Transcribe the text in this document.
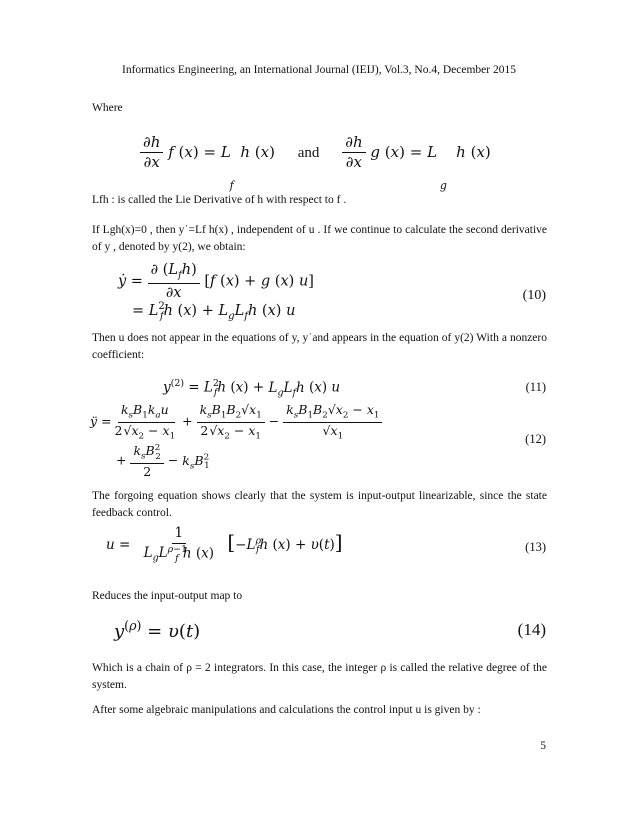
Informatics Engineering, an International Journal (IEIJ), Vol.3, No.4, December 2015
Where
$\frac{\partial h}{\partial x}$ f (x) = L
f
h (x) and $\frac{\partial h}{\partial x}$ g (x) = L
g
h (x)
Lfh : is called the Lie Derivative of h with respect to f .
If Lgh(x)=0 , then y˙=Lf h(x) , independent of u . If we continue to calculate the second derivative of y , denoted by y(2), we obtain:
ẏ = $\frac{\partial (L_fh)}{\partial x} [f$ (x) + g (x) u]
= $L^2_fh$ $(x) + L_gL_fh$ (x) u
(10)
Then u does not appear in the equations of y, y˙and appears in the equation of y(2) With a nonzero coefficient:
$y^{(2)} = L^2_fh$ $(x) + L_gL_fh$ (x) u	(11)
ÿ = $\frac{k_sB_1k_au}{2√x_2 - x_1} + \frac{k_sB_1B_2√x_1}{2√x_2 - x_1} - \frac{k_sB_1B_2√x_2 - x_1}{√x_1}$
+ $\frac{k_sB^2_2}{2} - k_sB^2_1$
(12)
The forgoing equation shows clearly that the system is input-output linearizable, since the state feedback control.
$u = \frac{1}{L_gL^{\rho-1}_f h (x)} [-L^\rho_fh$ (x) + υ(t)]	(13)
Reduces the input-output map to
$y^{(\rho)} = \upsilon(t)$	(14)
Which is a chain of ρ = 2 integrators. In this case, the integer ρ is called the relative degree of the system.
After some algebraic manipulations and calculations the control input u is given by :
5
